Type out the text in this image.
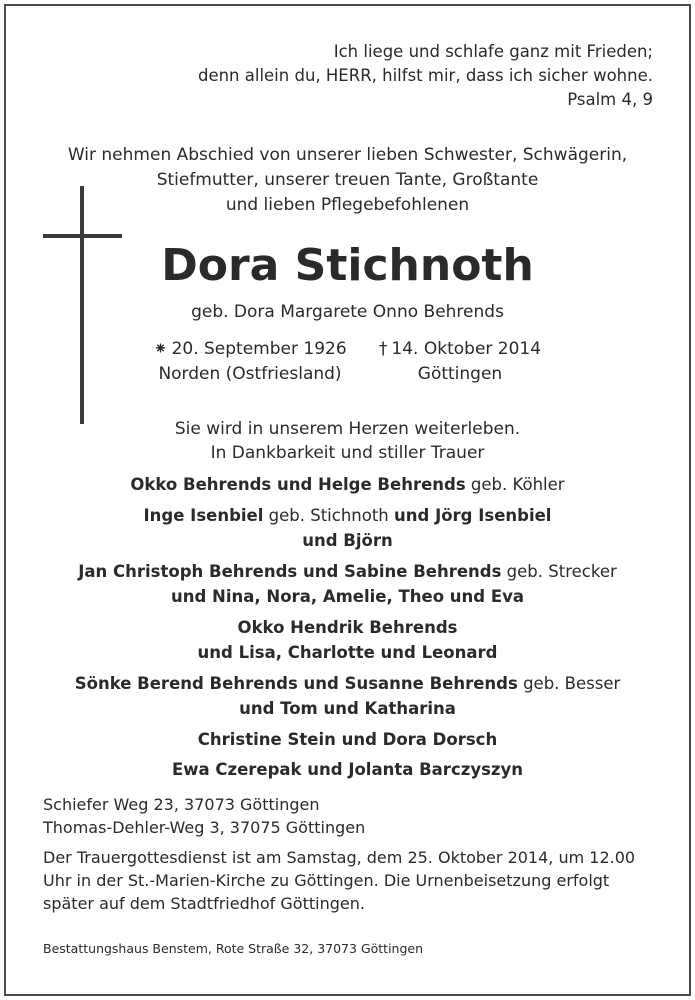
Ich liege und schlafe ganz mit Frieden;
denn allein du, HERR, hilfst mir, dass ich sicher wohne.
Psalm 4, 9
Wir nehmen Abschied von unserer lieben Schwester, Schwägerin,
Stiefmutter, unserer treuen Tante, Großtante
und lieben Pflegebefohlenen
Dora Stichnoth
geb. Dora Margarete Onno Behrends
⁕ 20. September 1926
Norden (Ostfriesland)
† 14. Oktober 2014
Göttingen
Sie wird in unserem Herzen weiterleben.
In Dankbarkeit und stiller Trauer
Okko Behrends und Helge Behrends geb. Köhler
Inge Isenbiel geb. Stichnoth und Jörg Isenbiel
und Björn
Jan Christoph Behrends und Sabine Behrends geb. Strecker
und Nina, Nora, Amelie, Theo und Eva
Okko Hendrik Behrends
und Lisa, Charlotte und Leonard
Sönke Berend Behrends und Susanne Behrends geb. Besser
und Tom und Katharina
Christine Stein und Dora Dorsch
Ewa Czerepak und Jolanta Barczyszyn
Schiefer Weg 23, 37073 Göttingen
Thomas-Dehler-Weg 3, 37075 Göttingen
Der Trauergottesdienst ist am Samstag, dem 25. Oktober 2014, um 12.00
Uhr in der St.-Marien-Kirche zu Göttingen. Die Urnenbeisetzung erfolgt
später auf dem Stadtfriedhof Göttingen.
Bestattungshaus Benstem, Rote Straße 32, 37073 Göttingen
